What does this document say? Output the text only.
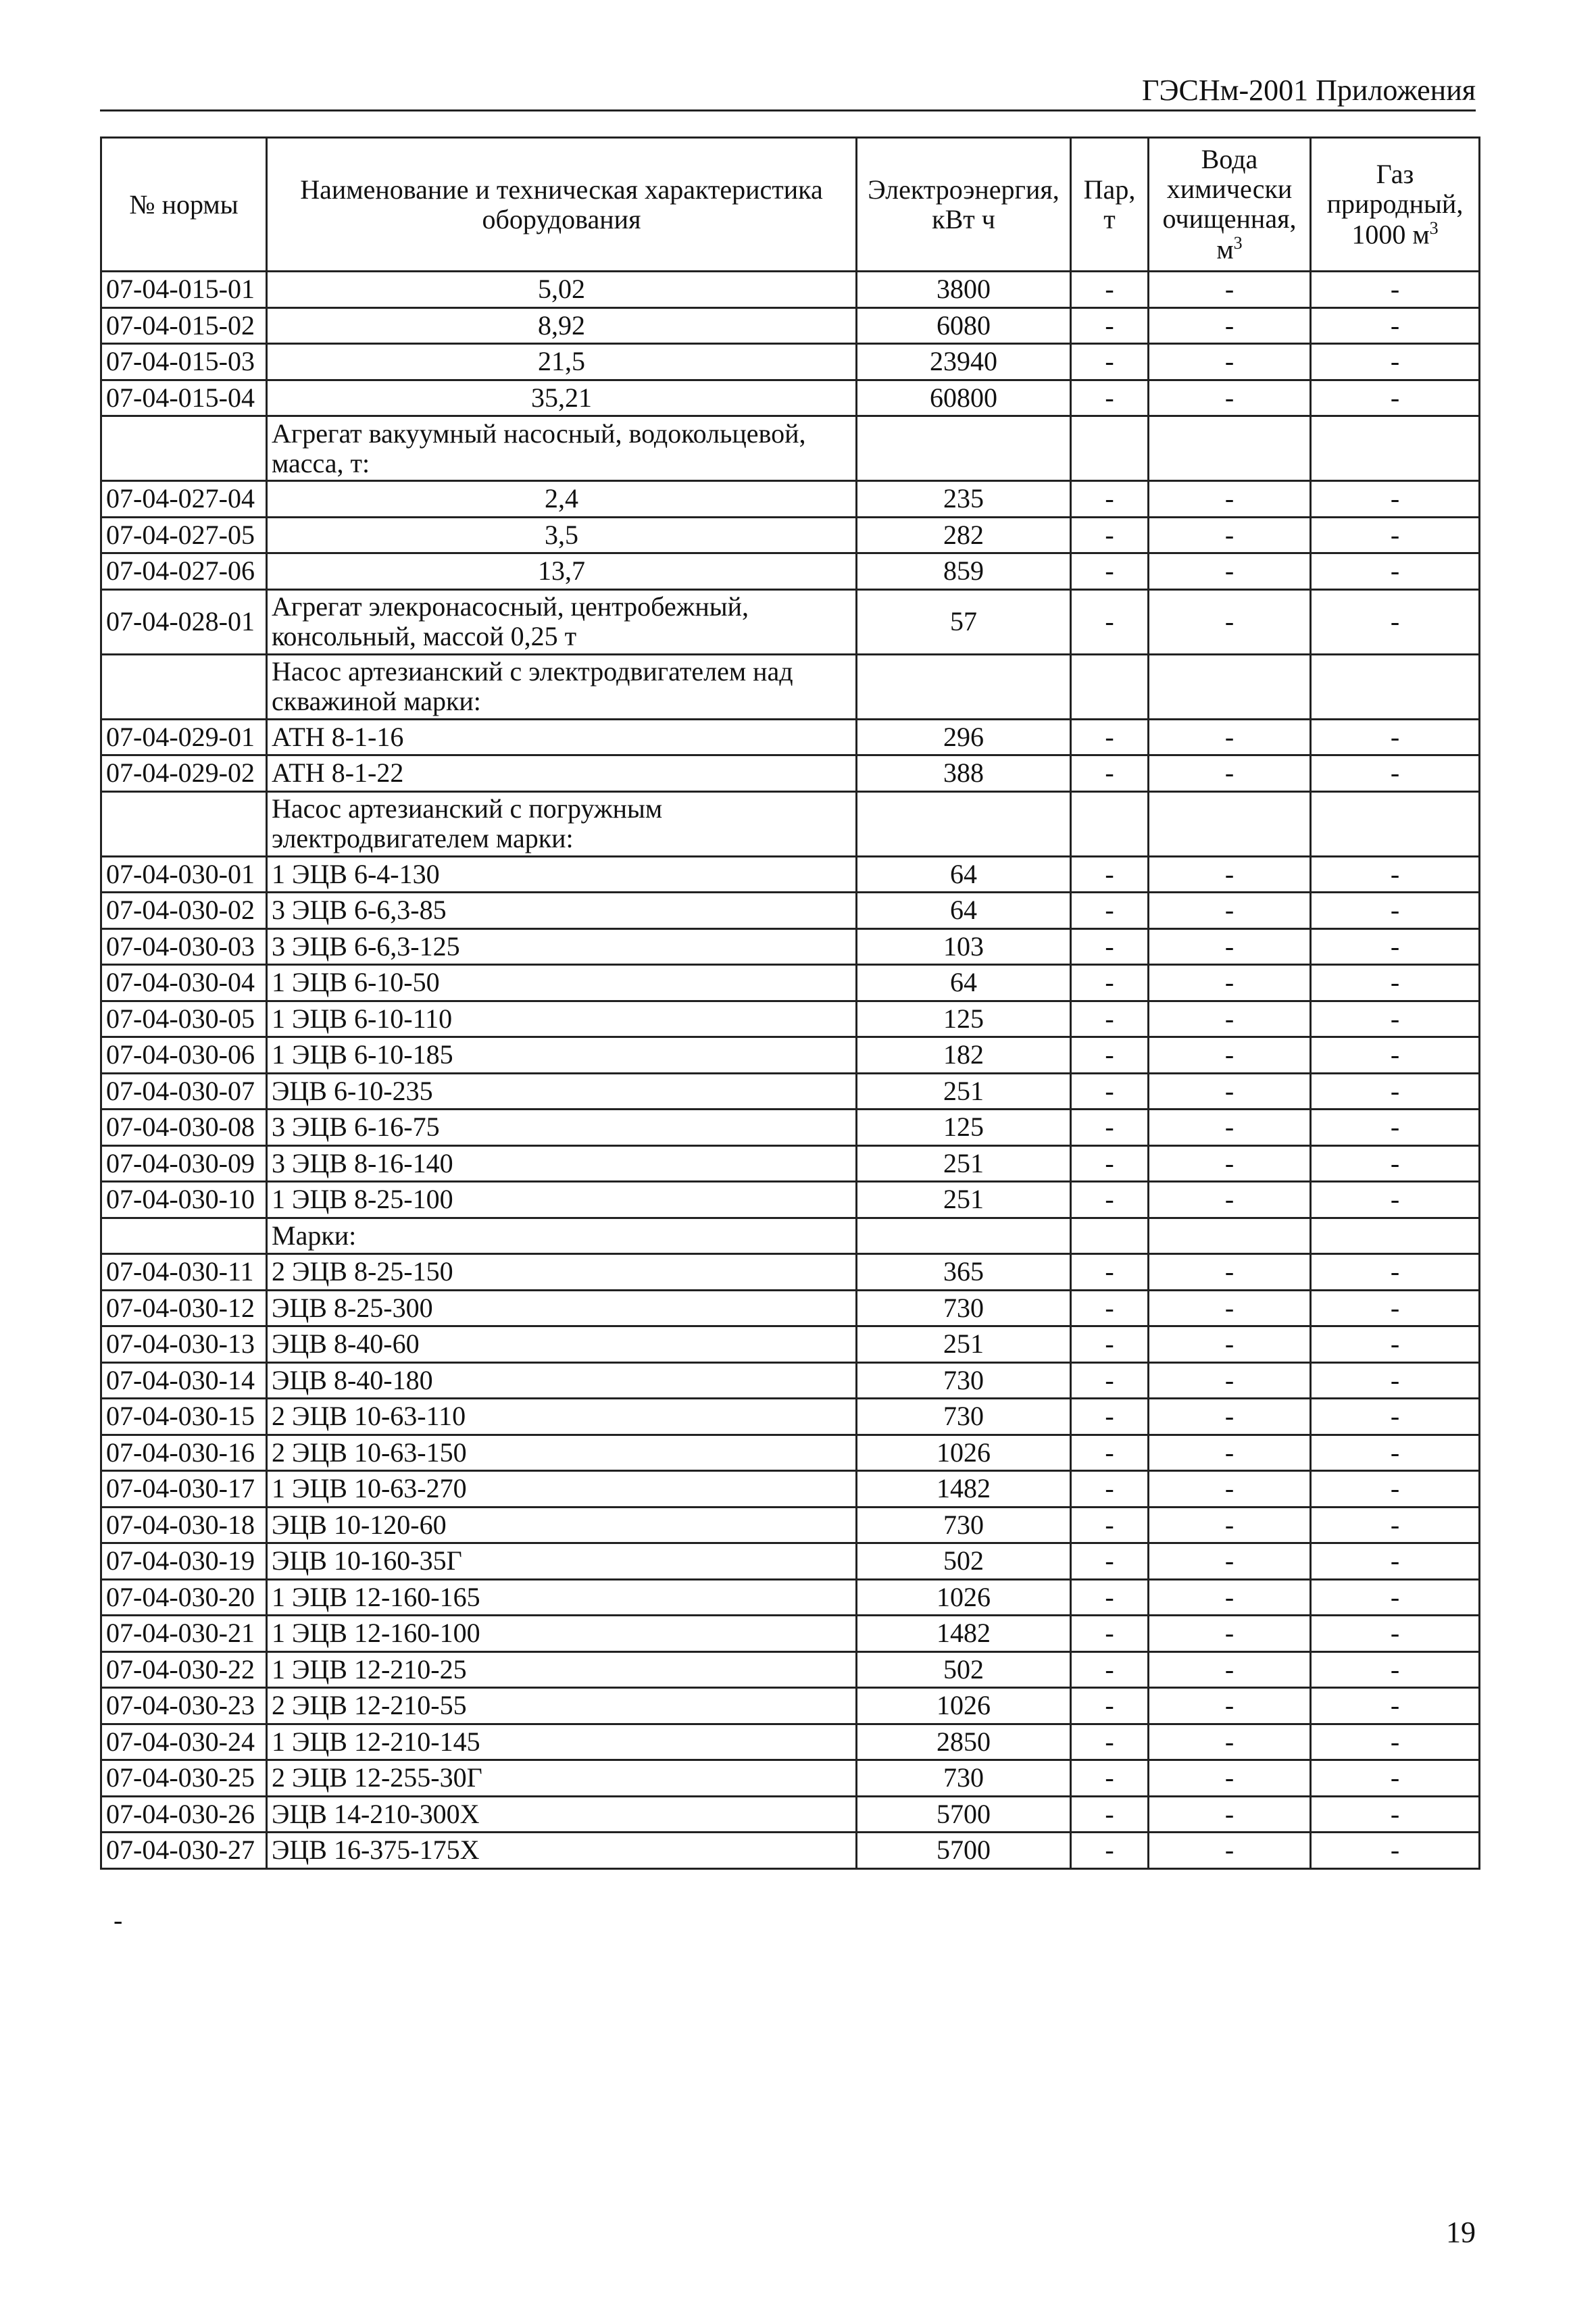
ГЭСНм-2001 Приложения
№ нормы	Наименование и техническая характеристика оборудования	Электроэнергия, кВт ч	Пар, т	Вода химически очищенная, $м^3$	Газ природный, 1000 $м^3$
07-04-015-01	5,02	3800	-	-	-
07-04-015-02	8,92	6080	-	-	-
07-04-015-03	21,5	23940	-	-	-
07-04-015-04	35,21	60800	-	-	-
	Агрегат вакуумный насосный, водокольцевой, масса, т:				
07-04-027-04	2,4	235	-	-	-
07-04-027-05	3,5	282	-	-	-
07-04-027-06	13,7	859	-	-	-
07-04-028-01	Агрегат элекронасосный, центробежный, консольный, массой 0,25 т	57	-	-	-
	Насос артезианский с электродвигателем над скважиной марки:				
07-04-029-01	АТН 8-1-16	296	-	-	-
07-04-029-02	АТН 8-1-22	388	-	-	-
	Насос артезианский с погружным электродвигателем марки:				
07-04-030-01	1 ЭЦВ 6-4-130	64	-	-	-
07-04-030-02	3 ЭЦВ 6-6,3-85	64	-	-	-
07-04-030-03	3 ЭЦВ 6-6,3-125	103	-	-	-
07-04-030-04	1 ЭЦВ 6-10-50	64	-	-	-
07-04-030-05	1 ЭЦВ 6-10-110	125	-	-	-
07-04-030-06	1 ЭЦВ 6-10-185	182	-	-	-
07-04-030-07	ЭЦВ 6-10-235	251	-	-	-
07-04-030-08	3 ЭЦВ 6-16-75	125	-	-	-
07-04-030-09	3 ЭЦВ 8-16-140	251	-	-	-
07-04-030-10	1 ЭЦВ 8-25-100	251	-	-	-
	Марки:				
07-04-030-11	2 ЭЦВ 8-25-150	365	-	-	-
07-04-030-12	ЭЦВ 8-25-300	730	-	-	-
07-04-030-13	ЭЦВ 8-40-60	251	-	-	-
07-04-030-14	ЭЦВ 8-40-180	730	-	-	-
07-04-030-15	2 ЭЦВ 10-63-110	730	-	-	-
07-04-030-16	2 ЭЦВ 10-63-150	1026	-	-	-
07-04-030-17	1 ЭЦВ 10-63-270	1482	-	-	-
07-04-030-18	ЭЦВ 10-120-60	730	-	-	-
07-04-030-19	ЭЦВ 10-160-35Г	502	-	-	-
07-04-030-20	1 ЭЦВ 12-160-165	1026	-	-	-
07-04-030-21	1 ЭЦВ 12-160-100	1482	-	-	-
07-04-030-22	1 ЭЦВ 12-210-25	502	-	-	-
07-04-030-23	2 ЭЦВ 12-210-55	1026	-	-	-
07-04-030-24	1 ЭЦВ 12-210-145	2850	-	-	-
07-04-030-25	2 ЭЦВ 12-255-30Г	730	-	-	-
07-04-030-26	ЭЦВ 14-210-300Х	5700	-	-	-
07-04-030-27	ЭЦВ 16-375-175Х	5700	-	-	-
-
19
